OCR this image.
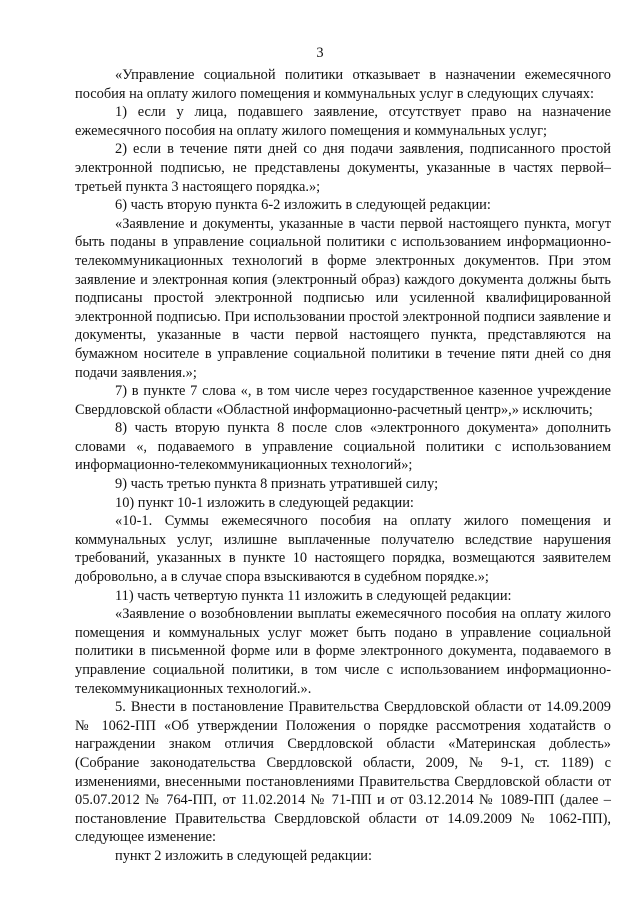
3

«Управление социальной политики отказывает в назначении ежемесячного пособия на оплату жилого помещения и коммунальных услуг в следующих случаях:

1) если у лица, подавшего заявление, отсутствует право на назначение ежемесячного пособия на оплату жилого помещения и коммунальных услуг;

2) если в течение пяти дней со дня подачи заявления, подписанного простой электронной подписью, не представлены документы, указанные в частях первой–третьей пункта 3 настоящего порядка.»;

6) часть вторую пункта 6-2 изложить в следующей редакции:

«Заявление и документы, указанные в части первой настоящего пункта, могут быть поданы в управление социальной политики с использованием информационно-телекоммуникационных технологий в форме электронных документов. При этом заявление и электронная копия (электронный образ) каждого документа должны быть подписаны простой электронной подписью или усиленной квалифицированной электронной подписью. При использовании простой электронной подписи заявление и документы, указанные в части первой настоящего пункта, представляются на бумажном носителе в управление социальной политики в течение пяти дней со дня подачи заявления.»;

7) в пункте 7 слова «, в том числе через государственное казенное учреждение Свердловской области «Областной информационно-расчетный центр»,» исключить;

8) часть вторую пункта 8 после слов «электронного документа» дополнить словами «, подаваемого в управление социальной политики с использованием информационно-телекоммуникационных технологий»;

9) часть третью пункта 8 признать утратившей силу;

10) пункт 10-1 изложить в следующей редакции:

«10-1. Суммы ежемесячного пособия на оплату жилого помещения и коммунальных услуг, излишне выплаченные получателю вследствие нарушения требований, указанных в пункте 10 настоящего порядка, возмещаются заявителем добровольно, а в случае спора взыскиваются в судебном порядке.»;

11) часть четвертую пункта 11 изложить в следующей редакции:

«Заявление о возобновлении выплаты ежемесячного пособия на оплату жилого помещения и коммунальных услуг может быть подано в управление социальной политики в письменной форме или в форме электронного документа, подаваемого в управление социальной политики, в том числе с использованием информационно-телекоммуникационных технологий.».

5. Внести в постановление Правительства Свердловской области от 14.09.2009 № 1062-ПП «Об утверждении Положения о порядке рассмотрения ходатайств о награждении знаком отличия Свердловской области «Материнская доблесть» (Собрание законодательства Свердловской области, 2009, № 9-1, ст. 1189) с изменениями, внесенными постановлениями Правительства Свердловской области от 05.07.2012 № 764-ПП, от 11.02.2014 № 71-ПП и от 03.12.2014 № 1089-ПП (далее – постановление Правительства Свердловской области от 14.09.2009 № 1062-ПП), следующее изменение:

пункт 2 изложить в следующей редакции:
